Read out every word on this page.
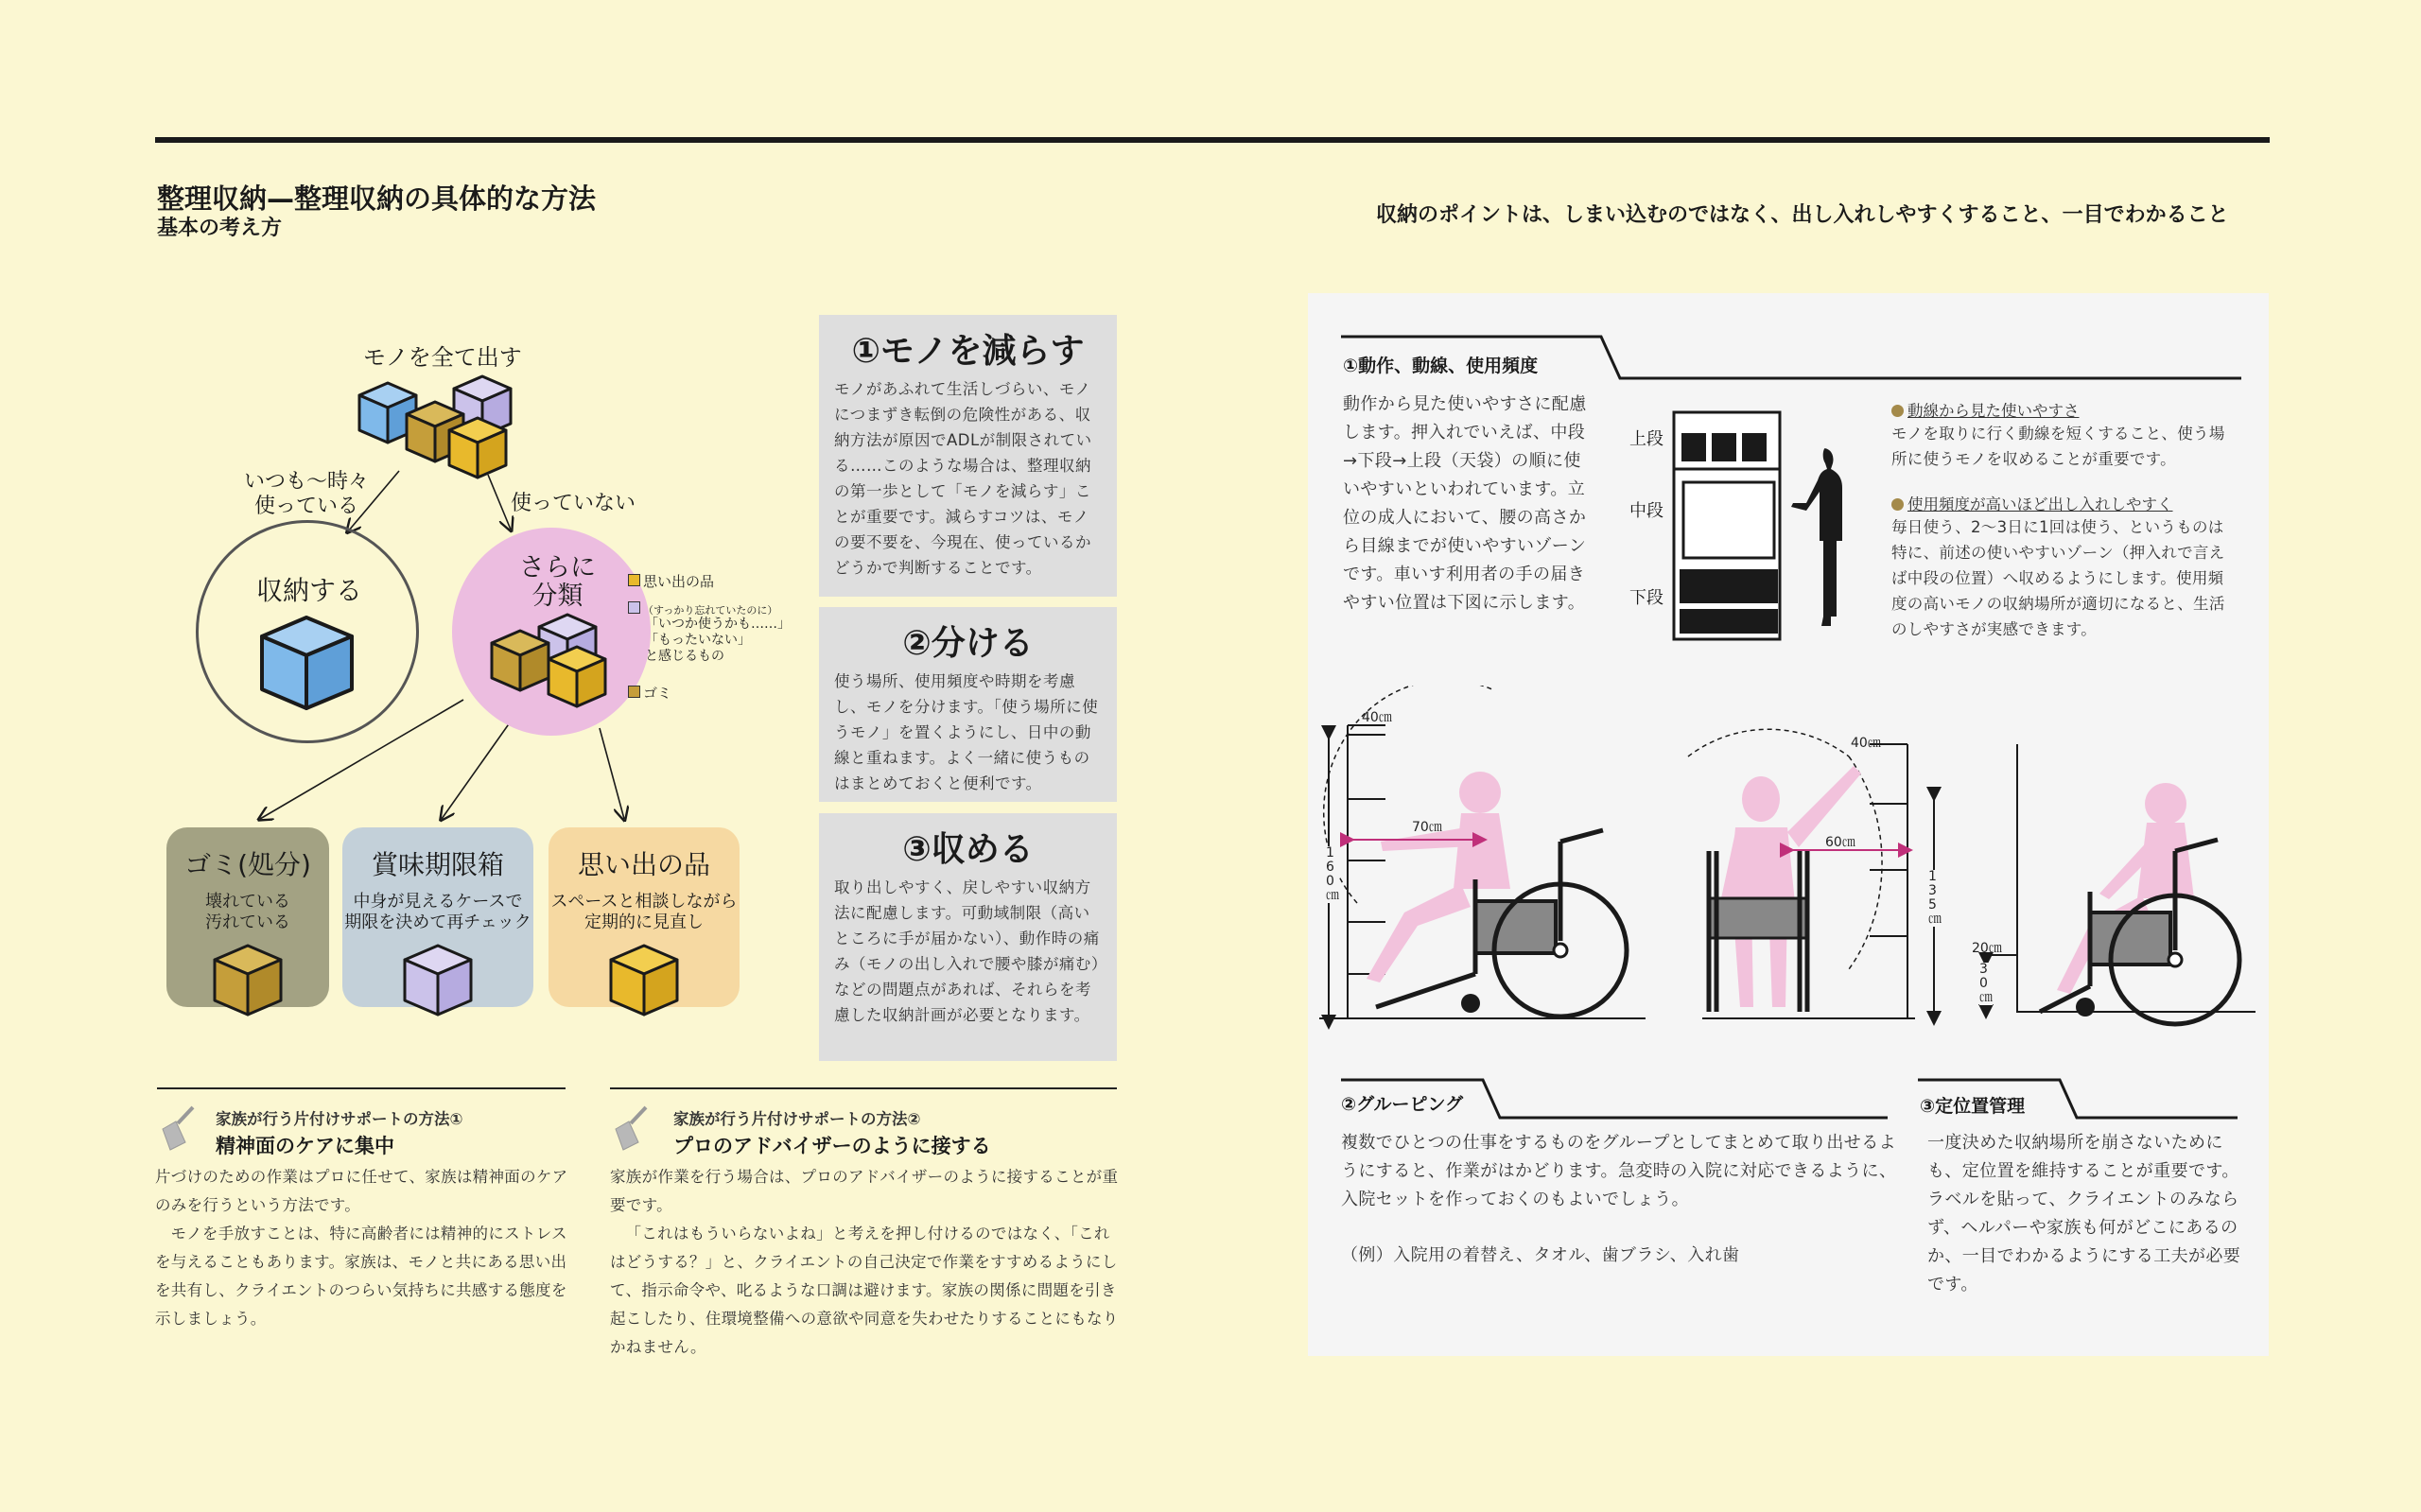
整理収納—整理収納の具体的な方法
基本の考え方
収納のポイントは、しまい込むのではなく、出し入れしやすくすること、一目でわかること
モノを全て出す
いつも〜時々
使っている	使っていない
収納する
さらに
分類	思い出の品
（すっかり忘れていたのに）
「いつか使うかも……」
「もったいない」
と感じるもの
ゴミ
ゴミ(処分)
壊れている
汚れている
賞味期限箱
中身が見えるケースで
期限を決めて再チェック
思い出の品
スペースと相談しながら
定期的に見直し
①モノを減らす
モノがあふれて生活しづらい、モノにつまずき転倒の危険性がある、収納方法が原因でADLが制限されている……このような場合は、整理収納の第一歩として「モノを減らす」ことが重要です。減らすコツは、モノの要不要を、今現在、使っているかどうかで判断することです。
②分ける
使う場所、使用頻度や時期を考慮し、モノを分けます。「使う場所に使うモノ」を置くようにし、日中の動線と重ねます。よく一緒に使うものはまとめておくと便利です。
③収める
取り出しやすく、戻しやすい収納方法に配慮します。可動域制限（高いところに手が届かない）、動作時の痛み（モノの出し入れで腰や膝が痛む）などの問題点があれば、それらを考慮した収納計画が必要となります。
家族が行う片付けサポートの方法①
精神面のケアに集中
片づけのための作業はプロに任せて、家族は精神面のケアのみを行うという方法です。
モノを手放すことは、特に高齢者には精神的にストレスを与えることもあります。家族は、モノと共にある思い出を共有し、クライエントのつらい気持ちに共感する態度を示しましょう。
家族が行う片付けサポートの方法②
プロのアドバイザーのように接する
家族が作業を行う場合は、プロのアドバイザーのように接することが重要です。
「これはもういらないよね」と考えを押し付けるのではなく、「これはどうする？」と、クライエントの自己決定で作業をすすめるようにして、指示命令や、叱るような口調は避けます。家族の関係に問題を引き起こしたり、住環境整備への意欲や同意を失わせたりすることにもなりかねません。
①動作、動線、使用頻度
動作から見た使いやすさに配慮します。押入れでいえば、中段→下段→上段（天袋）の順に使いやすいといわれています。立位の成人において、腰の高さから目線までが使いやすいゾーンです。車いす利用者の手の届きやすい位置は下図に示します。
上段
中段
下段
動線から見た使いやすさ
モノを取りに行く動線を短くすること、使う場所に使うモノを収めることが重要です。
使用頻度が高いほど出し入れしやすく
毎日使う、2〜3日に1回は使う、というものは特に、前述の使いやすいゾーン（押入れで言えば中段の位置）へ収めるようにします。使用頻度の高いモノの収納場所が適切になると、生活のしやすさが実感できます。
40㎝
70㎝
160㎝
40㎝
60㎝
135㎝
20㎝
30㎝
②グルーピング
複数でひとつの仕事をするものをグループとしてまとめて取り出せるようにすると、作業がはかどります。急変時の入院に対応できるように、入院セットを作っておくのもよいでしょう。
（例）入院用の着替え、タオル、歯ブラシ、入れ歯
③定位置管理
一度決めた収納場所を崩さないためにも、定位置を維持することが重要です。ラベルを貼って、クライエントのみならず、ヘルパーや家族も何がどこにあるのか、一目でわかるようにする工夫が必要です。
